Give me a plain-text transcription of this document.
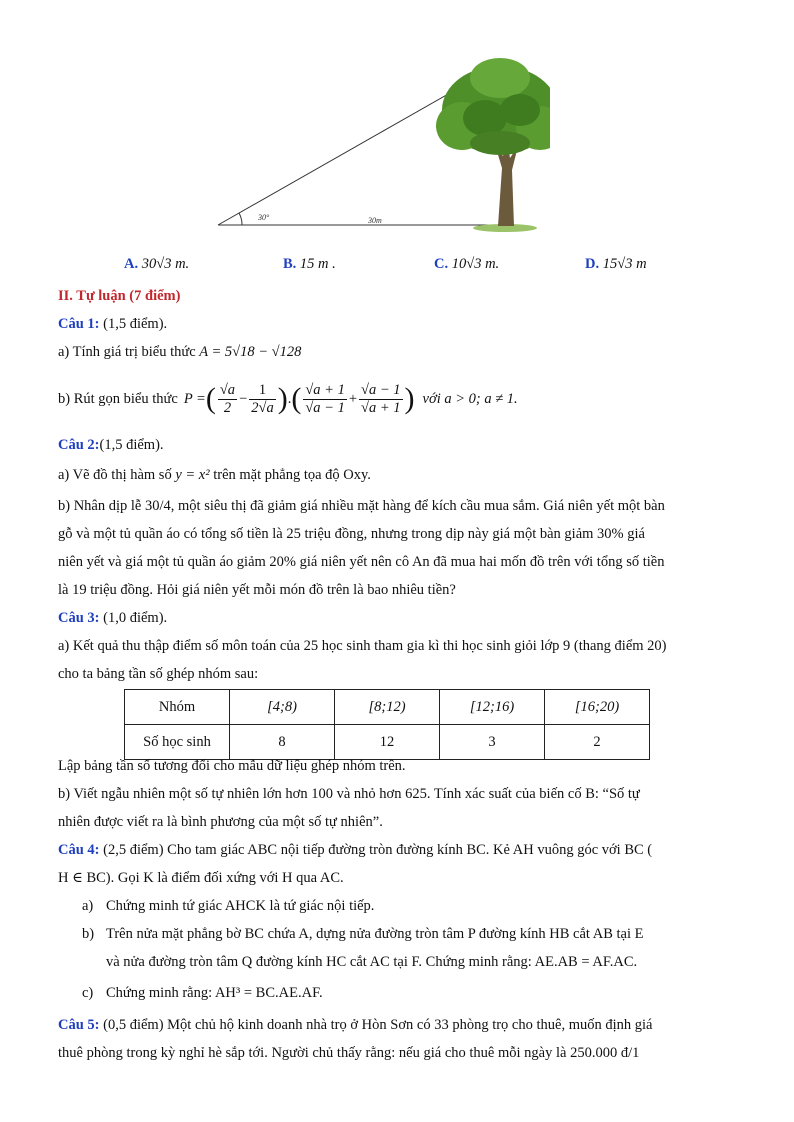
30°	30m
A. 30√3 m.	B. 15 m .	C. 10√3 m.	D. 15√3 m
II. Tự luận (7 điểm)
Câu 1: (1,5 điểm).
a) Tính giá trị biểu thức A = 5√18 − √128
b) Rút gọn biểu thức P = ( $\frac{√a}{2} - \frac{1}{2√a}$ ) . ( $\frac{√a + 1}{√a - 1} + \frac{√a - 1}{√a + 1}$ ) với a > 0; a ≠ 1.
Câu 2:(1,5 điểm).
a) Vẽ đồ thị hàm số y = x² trên mặt phẳng tọa độ Oxy.
b) Nhân dịp lễ 30/4, một siêu thị đã giảm giá nhiều mặt hàng để kích cầu mua sắm. Giá niên yết một bàn
gỗ và một tủ quần áo có tổng số tiền là 25 triệu đồng, nhưng trong dịp này giá một bàn giảm 30% giá
niên yết và giá một tủ quần áo giảm 20% giá niên yết nên cô An đã mua hai mốn đồ trên với tổng số tiền
là 19 triệu đồng. Hỏi giá niên yết mỗi món đồ trên là bao nhiêu tiền?
Câu 3: (1,0 điểm).
a) Kết quả thu thập điểm số môn toán của 25 học sinh tham gia kì thi học sinh giỏi lớp 9 (thang điểm 20)
cho ta bảng tần số ghép nhóm sau:
Nhóm	[4;8)	[8;12)	[12;16)	[16;20)
Số học sinh	8	12	3	2
Lập bảng tần số tương đối cho mẫu dữ liệu ghép nhóm trên.
b) Viết ngẫu nhiên một số tự nhiên lớn hơn 100 và nhỏ hơn 625. Tính xác suất của biến cố B: “Số tự
nhiên được viết ra là bình phương của một số tự nhiên”.
Câu 4: (2,5 điểm) Cho tam giác ABC nội tiếp đường tròn đường kính BC. Kẻ AH vuông góc với BC (
H ∈ BC). Gọi K là điểm đối xứng với H qua AC.
a) Chứng minh tứ giác AHCK là tứ giác nội tiếp.
b) Trên nửa mặt phẳng bờ BC chứa A, dựng nửa đường tròn tâm P đường kính HB cắt AB tại E
và nửa đường tròn tâm Q đường kính HC cắt AC tại F. Chứng minh rằng: AE.AB = AF.AC.
c) Chứng minh rằng: AH³ = BC.AE.AF.
Câu 5: (0,5 điểm) Một chủ hộ kinh doanh nhà trọ ở Hòn Sơn có 33 phòng trọ cho thuê, muốn định giá
thuê phòng trong kỳ nghỉ hè sắp tới. Người chủ thấy rằng: nếu giá cho thuê mỗi ngày là 250.000 đ/1
